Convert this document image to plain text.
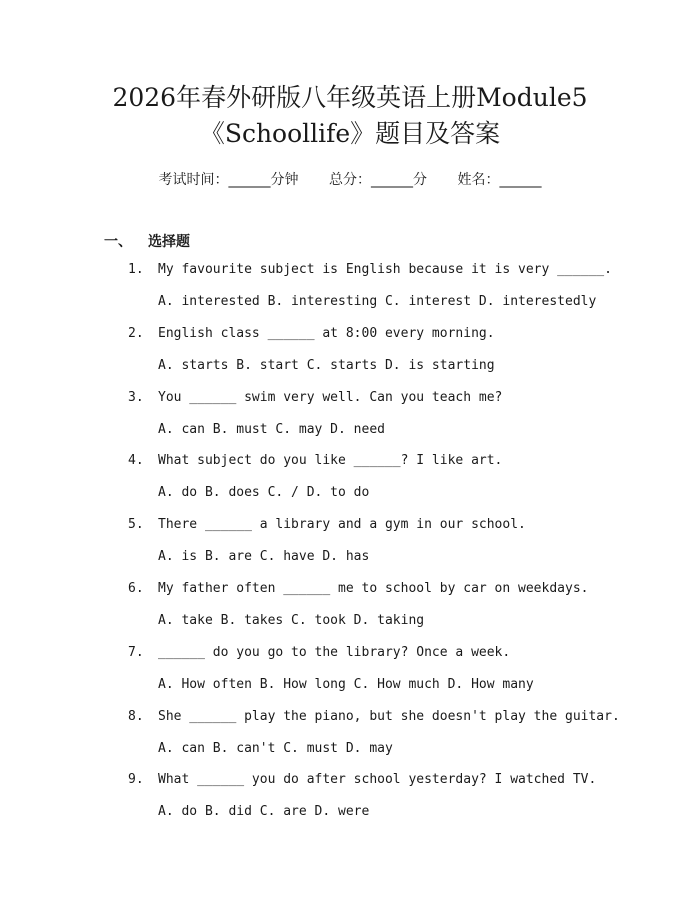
2026年春外研版八年级英语上册Module5
《Schoollife》题目及答案
考试时间：______分钟 总分：______分 姓名：______
一、 选择题
1. My favourite subject is English because it is very ______.
A. interested B. interesting C. interest D. interestedly
2. English class ______ at 8:00 every morning.
A. starts B. start C. starts D. is starting
3. You ______ swim very well. Can you teach me?
A. can B. must C. may D. need
4. What subject do you like ______? I like art.
A. do B. does C. / D. to do
5. There ______ a library and a gym in our school.
A. is B. are C. have D. has
6. My father often ______ me to school by car on weekdays.
A. take B. takes C. took D. taking
7. ______ do you go to the library? Once a week.
A. How often B. How long C. How much D. How many
8. She ______ play the piano, but she doesn't play the guitar.
A. can B. can't C. must D. may
9. What ______ you do after school yesterday? I watched TV.
A. do B. did C. are D. were
